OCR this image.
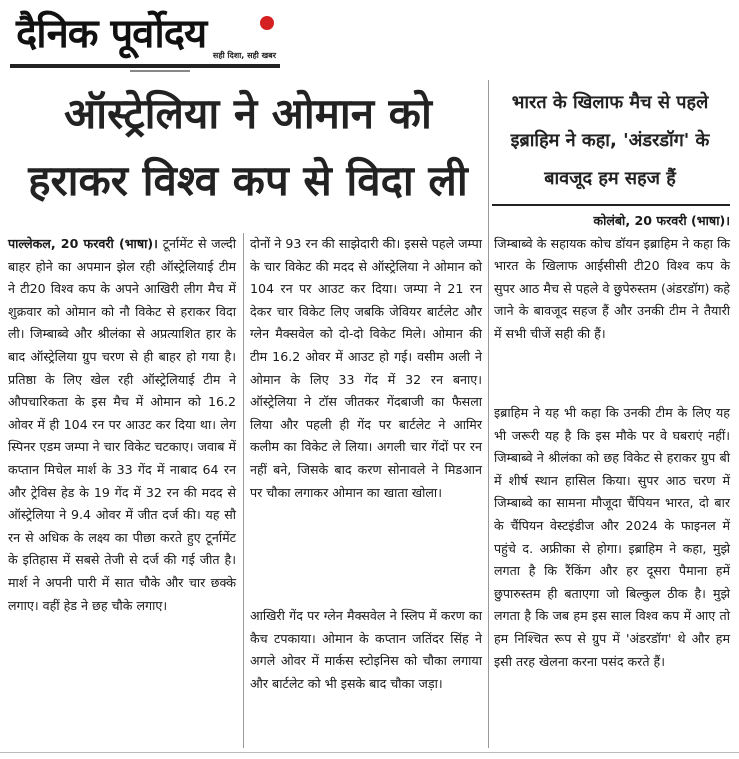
दैनिक पूर्वोदय सही दिशा, सही खबर
ऑस्ट्रेलिया ने ओमान को हराकर विश्व कप से विदा ली
भारत के खिलाफ मैच से पहले इब्राहिम ने कहा, 'अंडरडॉग' के बावजूद हम सहज हैं
पाल्लेकल, 20 फरवरी (भाषा)। टूर्नामेंट से जल्दी बाहर होने का अपमान झेल रही ऑस्ट्रेलियाई टीम ने टी20 विश्व कप के अपने आखिरी लीग मैच में शुक्रवार को ओमान को नौ विकेट से हराकर विदा ली। जिम्बाब्वे और श्रीलंका से अप्रत्याशित हार के बाद ऑस्ट्रेलिया ग्रुप चरण से ही बाहर हो गया है। प्रतिष्ठा के लिए खेल रही ऑस्ट्रेलियाई टीम ने औपचारिकता के इस मैच में ओमान को 16.2 ओवर में ही 104 रन पर आउट कर दिया था। लेग स्पिनर एडम जम्पा ने चार विकेट चटकाए। जवाब में कप्तान मिचेल मार्श के 33 गेंद में नाबाद 64 रन और ट्रेविस हेड के 19 गेंद में 32 रन की मदद से ऑस्ट्रेलिया ने 9.4 ओवर में जीत दर्ज की। यह सौ रन से अधिक के लक्ष्य का पीछा करते हुए टूर्नामेंट के इतिहास में सबसे तेजी से दर्ज की गई जीत है। मार्श ने अपनी पारी में सात चौके और चार छक्के लगाए। वहीं हेड ने छह चौके लगाए।
दोनों ने 93 रन की साझेदारी की। इससे पहले जम्पा के चार विकेट की मदद से ऑस्ट्रेलिया ने ओमान को 104 रन पर आउट कर दिया। जम्पा ने 21 रन देकर चार विकेट लिए जबकि जेवियर बार्टलेट और ग्लेन मैक्सवेल को दो-दो विकेट मिले। ओमान की टीम 16.2 ओवर में आउट हो गई। वसीम अली ने ओमान के लिए 33 गेंद में 32 रन बनाए। ऑस्ट्रेलिया ने टॉस जीतकर गेंदबाजी का फैसला लिया और पहली ही गेंद पर बार्टलेट ने आमिर कलीम का विकेट ले लिया। अगली चार गेंदों पर रन नहीं बने, जिसके बाद करण सोनावले ने मिडआन पर चौका लगाकर ओमान का खाता खोला।
आखिरी गेंद पर ग्लेन मैक्सवेल ने स्लिप में करण का कैच टपकाया। ओमान के कप्तान जतिंदर सिंह ने अगले ओवर में मार्कस स्टोइनिस को चौका लगाया और बार्टलेट को भी इसके बाद चौका जड़ा।
कोलंबो, 20 फरवरी (भाषा)।
जिम्बाब्वे के सहायक कोच डॉयन इब्राहिम ने कहा कि भारत के खिलाफ आईसीसी टी20 विश्व कप के सुपर आठ मैच से पहले वे छुपेरुस्तम (अंडरडॉग) कहे जाने के बावजूद सहज हैं और उनकी टीम ने तैयारी में सभी चीजें सही की हैं।
इब्राहिम ने यह भी कहा कि उनकी टीम के लिए यह भी जरूरी यह है कि इस मौके पर वे घबराएं नहीं। जिम्बाब्वे ने श्रीलंका को छह विकेट से हराकर ग्रुप बी में शीर्ष स्थान हासिल किया। सुपर आठ चरण में जिम्बाब्वे का सामना मौजूदा चैंपियन भारत, दो बार के चैंपियन वेस्टइंडीज और 2024 के फाइनल में पहुंचे द. अफ्रीका से होगा। इब्राहिम ने कहा, मुझे लगता है कि रैंकिंग और हर दूसरा पैमाना हमें छुपारुस्तम ही बताएगा जो बिल्कुल ठीक है। मुझे लगता है कि जब हम इस साल विश्व कप में आए तो हम निश्चित रूप से ग्रुप में 'अंडरडॉग' थे और हम इसी तरह खेलना करना पसंद करते हैं।
